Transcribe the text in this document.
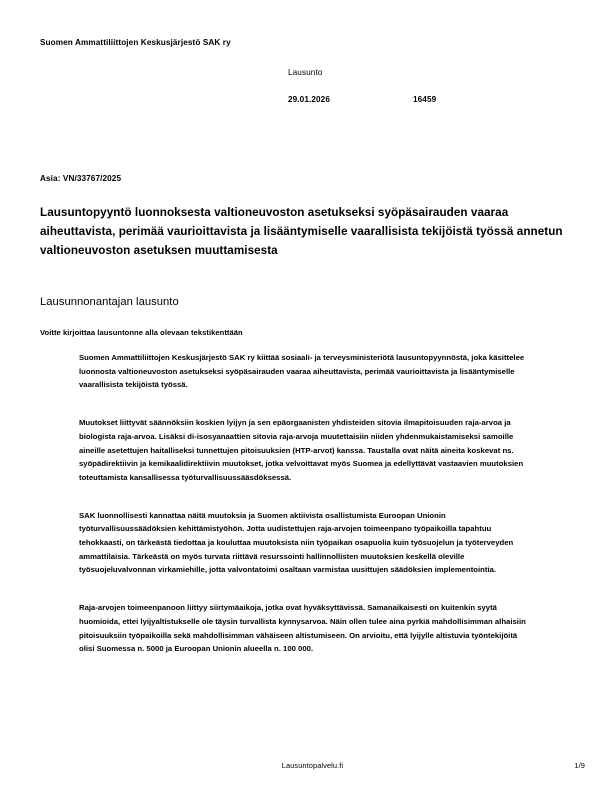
Suomen Ammattiliittojen Keskusjärjestö SAK ry
Lausunto
29.01.2026	16459
Asia: VN/33767/2025
Lausuntopyyntö luonnoksesta valtioneuvoston asetukseksi syöpäsairauden vaaraa aiheuttavista, perimää vaurioittavista ja lisääntymiselle vaarallisista tekijöistä työssä annetun valtioneuvoston asetuksen muuttamisesta
Lausunnonantajan lausunto
Voitte kirjoittaa lausuntonne alla olevaan tekstikenttään

Suomen Ammattiliittojen Keskusjärjestö SAK ry kiittää sosiaali- ja terveysministeriötä lausuntopyynnöstä, joka käsittelee luonnosta valtioneuvoston asetukseksi syöpäsairauden vaaraa aiheuttavista, perimää vaurioittavista ja lisääntymiselle vaarallisista tekijöistä työssä.

Muutokset liittyvät säännöksiin koskien lyijyn ja sen epäorgaanisten yhdisteiden sitovia ilmapitoisuuden raja-arvoa ja biologista raja-arvoa. Lisäksi di-isosyanaattien sitovia raja-arvoja muutettaisiin niiden yhdenmukaistamiseksi samoille aineille asetettujen haitalliseksi tunnettujen pitoisuuksien (HTP-arvot) kanssa. Taustalla ovat näitä aineita koskevat ns. syöpädirektiivin ja kemikaalidirektiivin muutokset, jotka velvoittavat myös Suomea ja edellyttävät vastaavien muutoksien toteuttamista kansallisessa työturvallisuussääsdöksessä.

SAK luonnollisesti kannattaa näitä muutoksia ja Suomen aktiivista osallistumista Euroopan Unionin työturvallisuussäädöksien kehittämistyöhön. Jotta uudistettujen raja-arvojen toimeenpano työpaikoilla tapahtuu tehokkaasti, on tärkeästä tiedottaa ja kouluttaa muutoksista niin työpaikan osapuolia kuin työsuojelun ja työterveyden ammattilaisia. Tärkeästä on myös turvata riittävä resurssointi hallinnollisten muutoksien keskellä oleville työsuojeluvalvonnan virkamiehille, jotta valvontatoimi osaltaan varmistaa uusittujen säädöksien implementointia.

Raja-arvojen toimeenpanoon liittyy siirtymäaikoja, jotka ovat hyväksyttävissä. Samanaikaisesti on kuitenkin syytä huomioida, ettei lyijyaltistukselle ole täysin turvallista kynnysarvoa. Näin ollen tulee aina pyrkiä mahdollisimman alhaisiin pitoisuuksiin työpaikoilla sekä mahdollisimman vähäiseen altistumiseen. On arvioitu, että lyijylle altistuvia työntekijöitä olisi Suomessa n. 5000 ja Euroopan Unionin alueella n. 100 000.

Lausuntopalvelu.fi	1/9
